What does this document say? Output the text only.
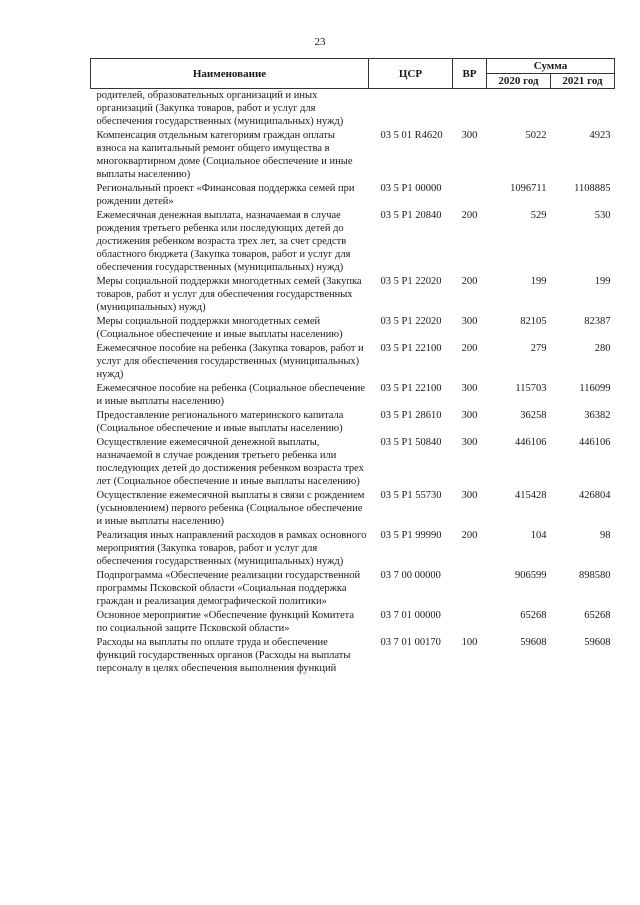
23
Наименование	ЦСР	ВР	Сумма	
			2020 год	2021 год
родителей, образовательных организаций и иных организаций (Закупка товаров, работ и услуг для обеспечения государственных (муниципальных) нужд)				
Компенсация отдельным категориям граждан оплаты взноса на капитальный ремонт общего имущества в многоквартирном доме (Социальное обеспечение и иные выплаты населению)	03 5 01 R4620	300	5022	4923
Региональный проект «Финансовая поддержка семей при рождении детей»	03 5 P1 00000		1096711	1108885
Ежемесячная денежная выплата, назначаемая в случае рождения третьего ребенка или последующих детей до достижения ребенком возраста трех лет, за счет средств областного бюджета (Закупка товаров, работ и услуг для обеспечения государственных (муниципальных) нужд)	03 5 P1 20840	200	529	530
Меры социальной поддержки многодетных семей (Закупка товаров, работ и услуг для обеспечения государственных (муниципальных) нужд)	03 5 P1 22020	200	199	199
Меры социальной поддержки многодетных семей (Социальное обеспечение и иные выплаты населению)	03 5 P1 22020	300	82105	82387
Ежемесячное пособие на ребенка (Закупка товаров, работ и услуг для обеспечения государственных (муниципальных) нужд)	03 5 P1 22100	200	279	280
Ежемесячное пособие на ребенка (Социальное обеспечение и иные выплаты населению)	03 5 P1 22100	300	115703	116099
Предоставление регионального материнского капитала (Социальное обеспечение и иные выплаты населению)	03 5 P1 28610	300	36258	36382
Осуществление ежемесячной денежной выплаты, назначаемой в случае рождения третьего ребенка или последующих детей до достижения ребенком возраста трех лет (Социальное обеспечение и иные выплаты населению)	03 5 P1 50840	300	446106	446106
Осуществление ежемесячной выплаты в связи с рождением (усыновлением) первого ребенка (Социальное обеспечение и иные выплаты населению)	03 5 P1 55730	300	415428	426804
Реализация иных направлений расходов в рамках основного мероприятия (Закупка товаров, работ и услуг для обеспечения государственных (муниципальных) нужд)	03 5 P1 99990	200	104	98
Подпрограмма «Обеспечение реализации государственной программы Псковской области «Социальная поддержка граждан и реализация демографической политики»	03 7 00 00000		906599	898580
Основное мероприятие «Обеспечение функций Комитета по социальной защите Псковской области»	03 7 01 00000		65268	65268
Расходы на выплаты по оплате труда и обеспечение функций государственных органов (Расходы на выплаты персоналу в целях обеспечения выполнения функций	03 7 01 00170	100	59608	59608
